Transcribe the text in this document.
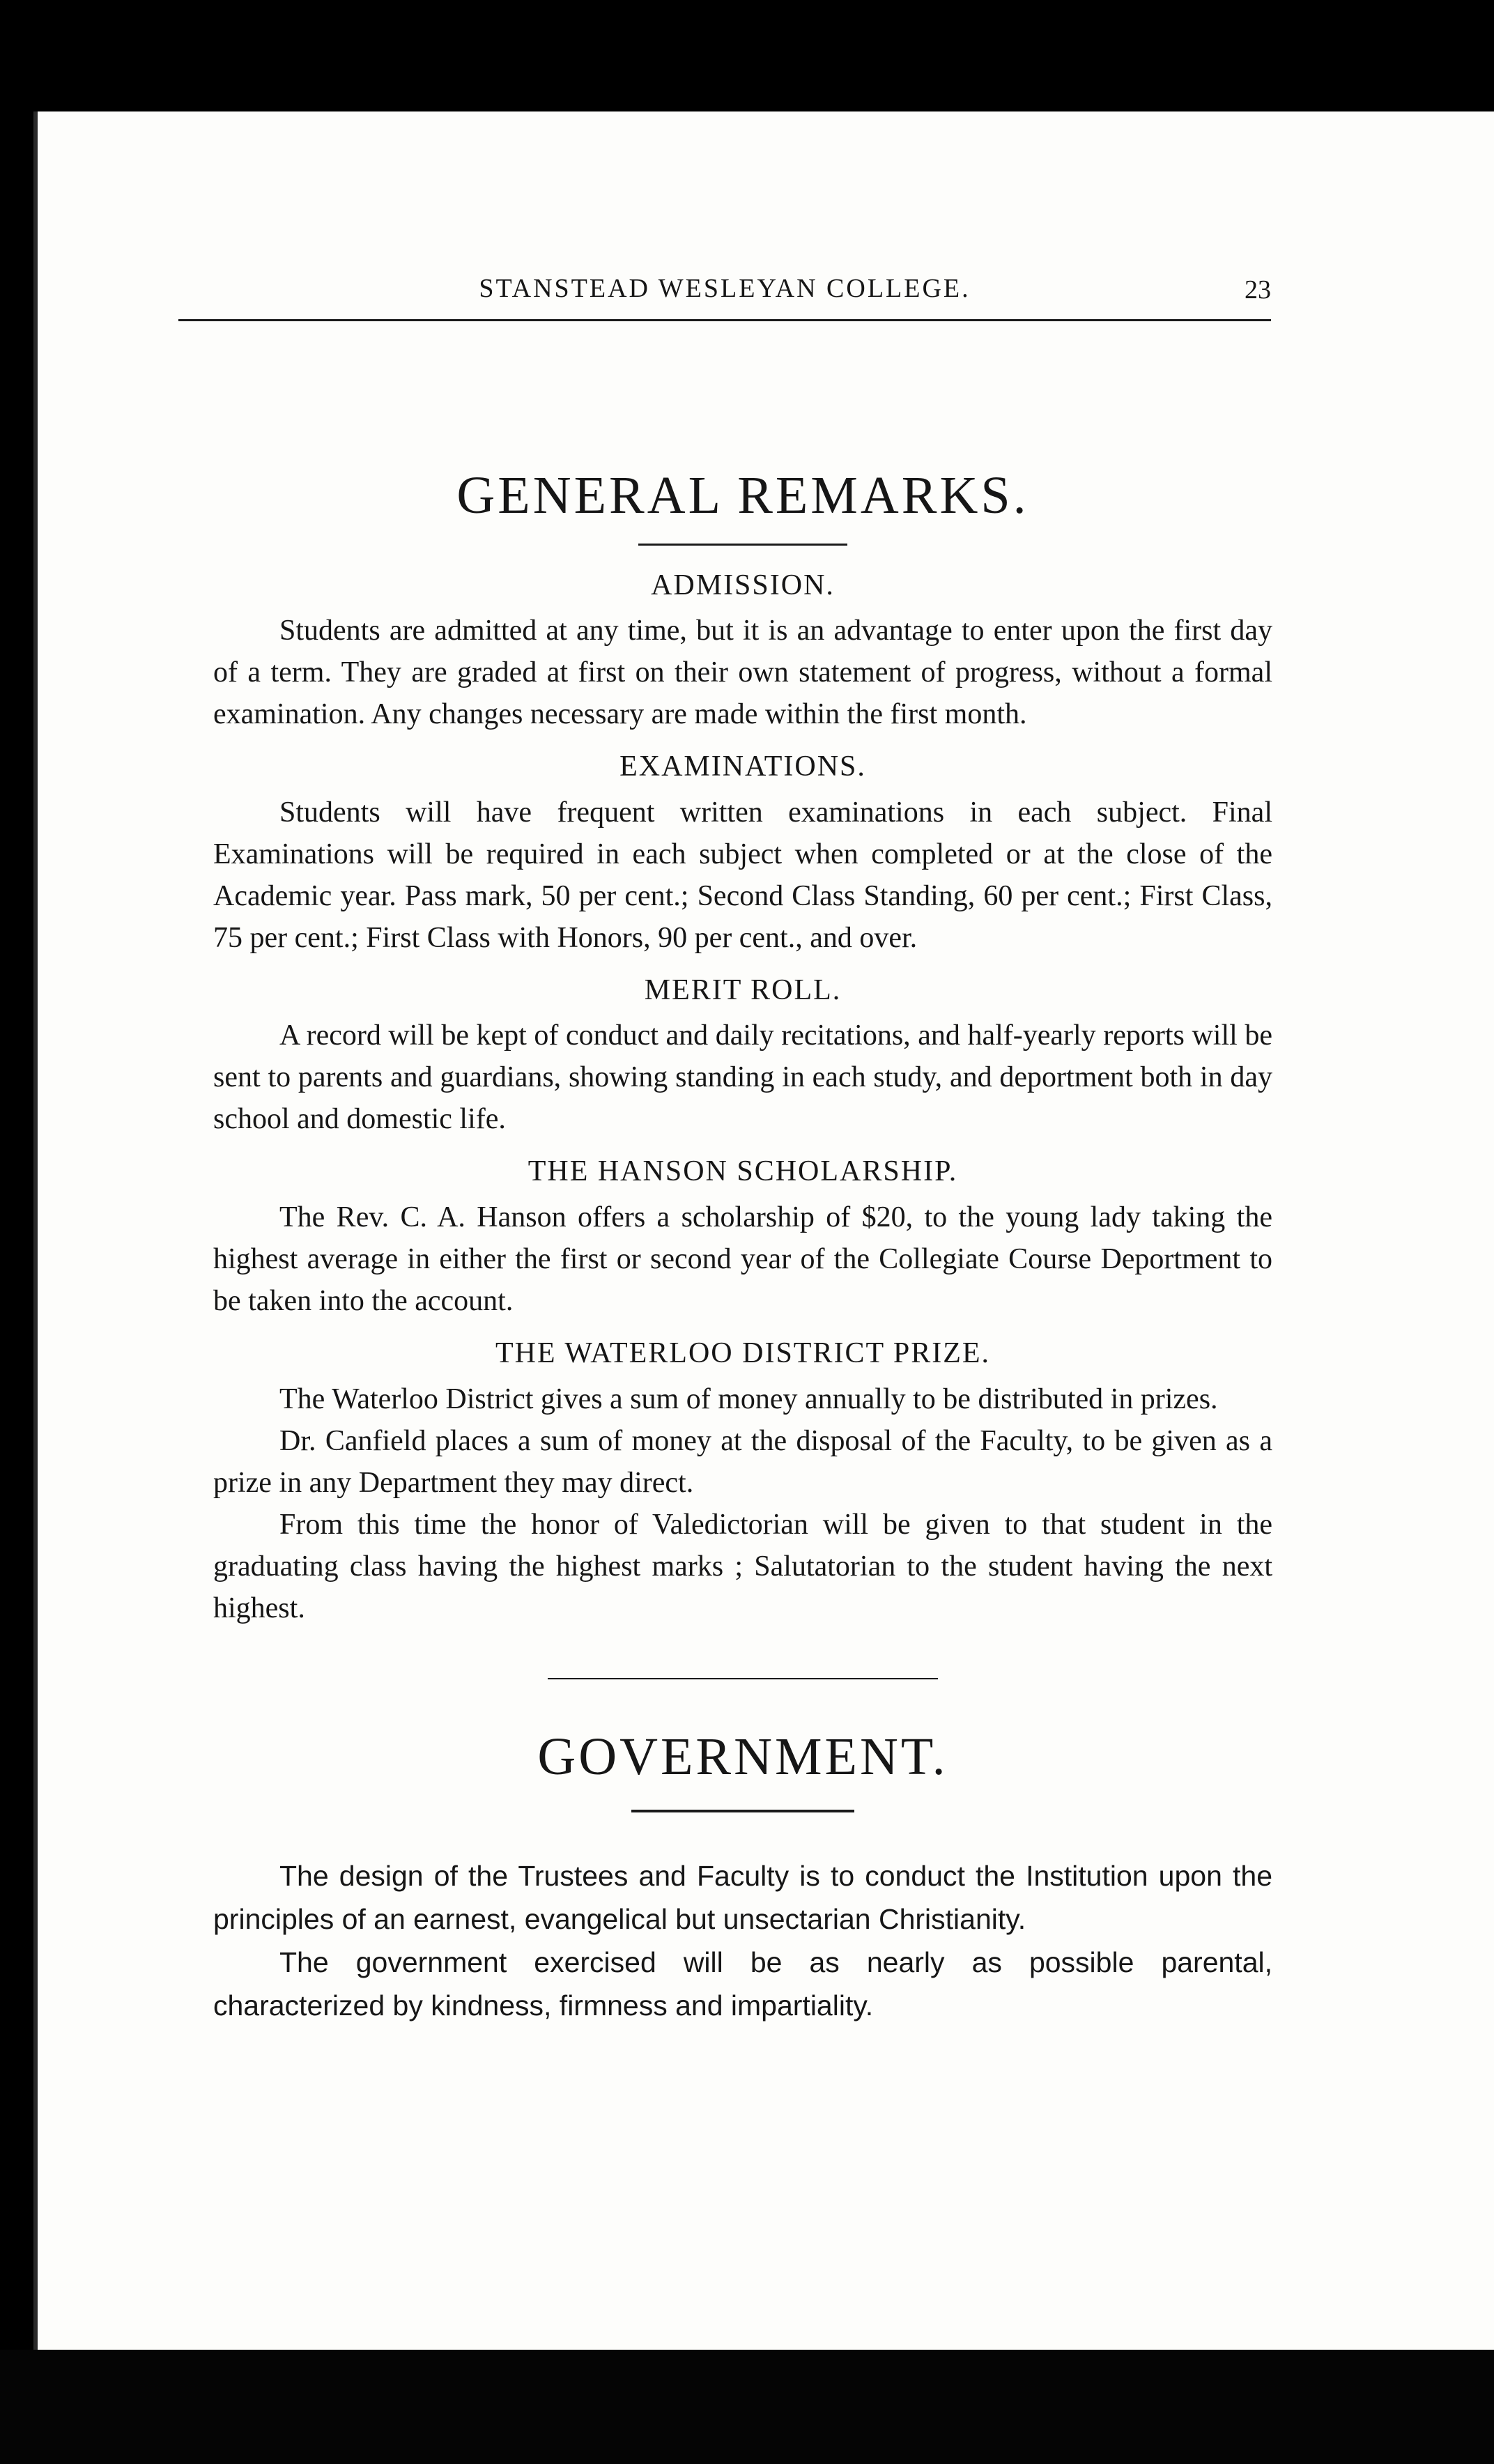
STANSTEAD WESLEYAN COLLEGE.	23
GENERAL REMARKS.
ADMISSION.

Students are admitted at any time, but it is an advantage to enter upon the first day of a term. They are graded at first on their own statement of progress, without a formal examination. Any changes necessary are made within the first month.

EXAMINATIONS.

Students will have frequent written examinations in each subject. Final Examinations will be required in each subject when completed or at the close of the Academic year. Pass mark, 50 per cent.; Second Class Standing, 60 per cent.; First Class, 75 per cent.; First Class with Honors, 90 per cent., and over.

MERIT ROLL.

A record will be kept of conduct and daily recitations, and half-yearly reports will be sent to parents and guardians, showing standing in each study, and deportment both in day school and domestic life.

THE HANSON SCHOLARSHIP.

The Rev. C. A. Hanson offers a scholarship of $20, to the young lady taking the highest average in either the first or second year of the Collegiate Course Deportment to be taken into the account.

THE WATERLOO DISTRICT PRIZE.

The Waterloo District gives a sum of money annually to be distributed in prizes.

Dr. Canfield places a sum of money at the disposal of the Faculty, to be given as a prize in any Department they may direct.

From this time the honor of Valedictorian will be given to that student in the graduating class having the highest marks ; Salutatorian to the student having the next highest.

GOVERNMENT.

The design of the Trustees and Faculty is to conduct the Institution upon the principles of an earnest, evangelical but unsectarian Christianity.

The government exercised will be as nearly as possible parental, characterized by kindness, firmness and impartiality.
